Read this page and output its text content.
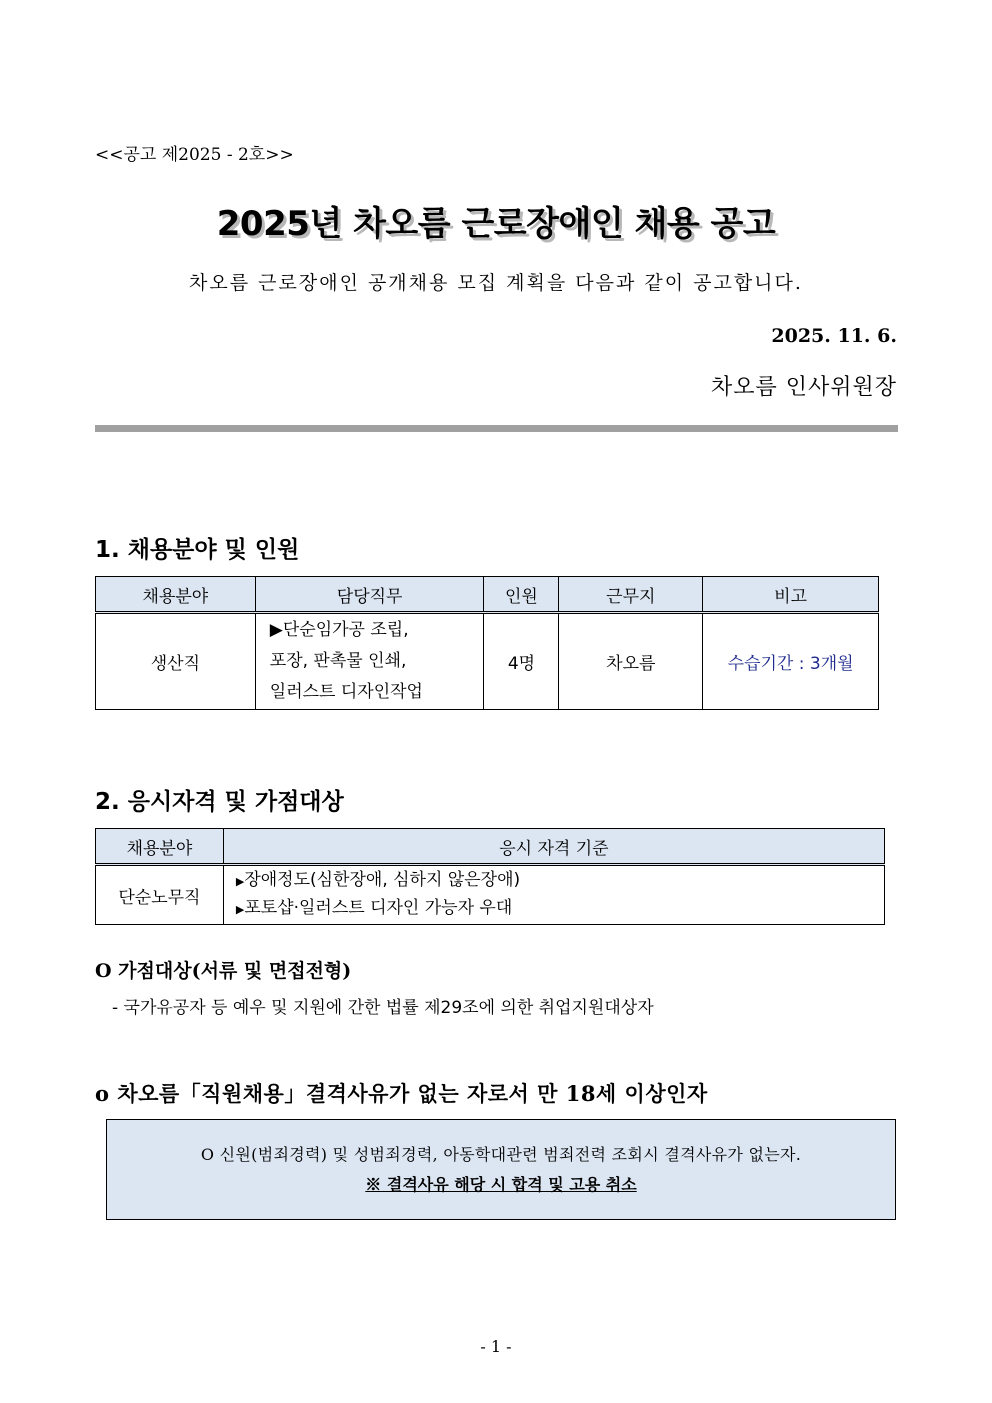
<<공고 제2025 - 2호>>
2025년 차오름 근로장애인 채용 공고
차오름 근로장애인 공개채용 모집 계획을 다음과 같이 공고합니다.
2025. 11. 6.
차오름 인사위원장
1. 채용분야 및 인원
채용분야	담당직무	인원	근무지	비고
생산직	▶단순임가공 조립,
포장, 판촉물 인쇄,
일러스트 디자인작업	4명	차오름	수습기간 : 3개월
2. 응시자격 및 가점대상
채용분야	응시 자격 기준
단순노무직	▶장애정도(심한장애, 심하지 않은장애)
▶포토샵·일러스트 디자인 가능자 우대
O 가점대상(서류 및 면접전형)
- 국가유공자 등 예우 및 지원에 간한 법률 제29조에 의한 취업지원대상자
o 차오름「직원채용」결격사유가 없는 자로서 만 18세 이상인자
O 신원(범죄경력) 및 성범죄경력, 아동학대관련 범죄전력 조회시 결격사유가 없는자.
※ 결격사유 해당 시 합격 및 고용 취소
- 1 -
